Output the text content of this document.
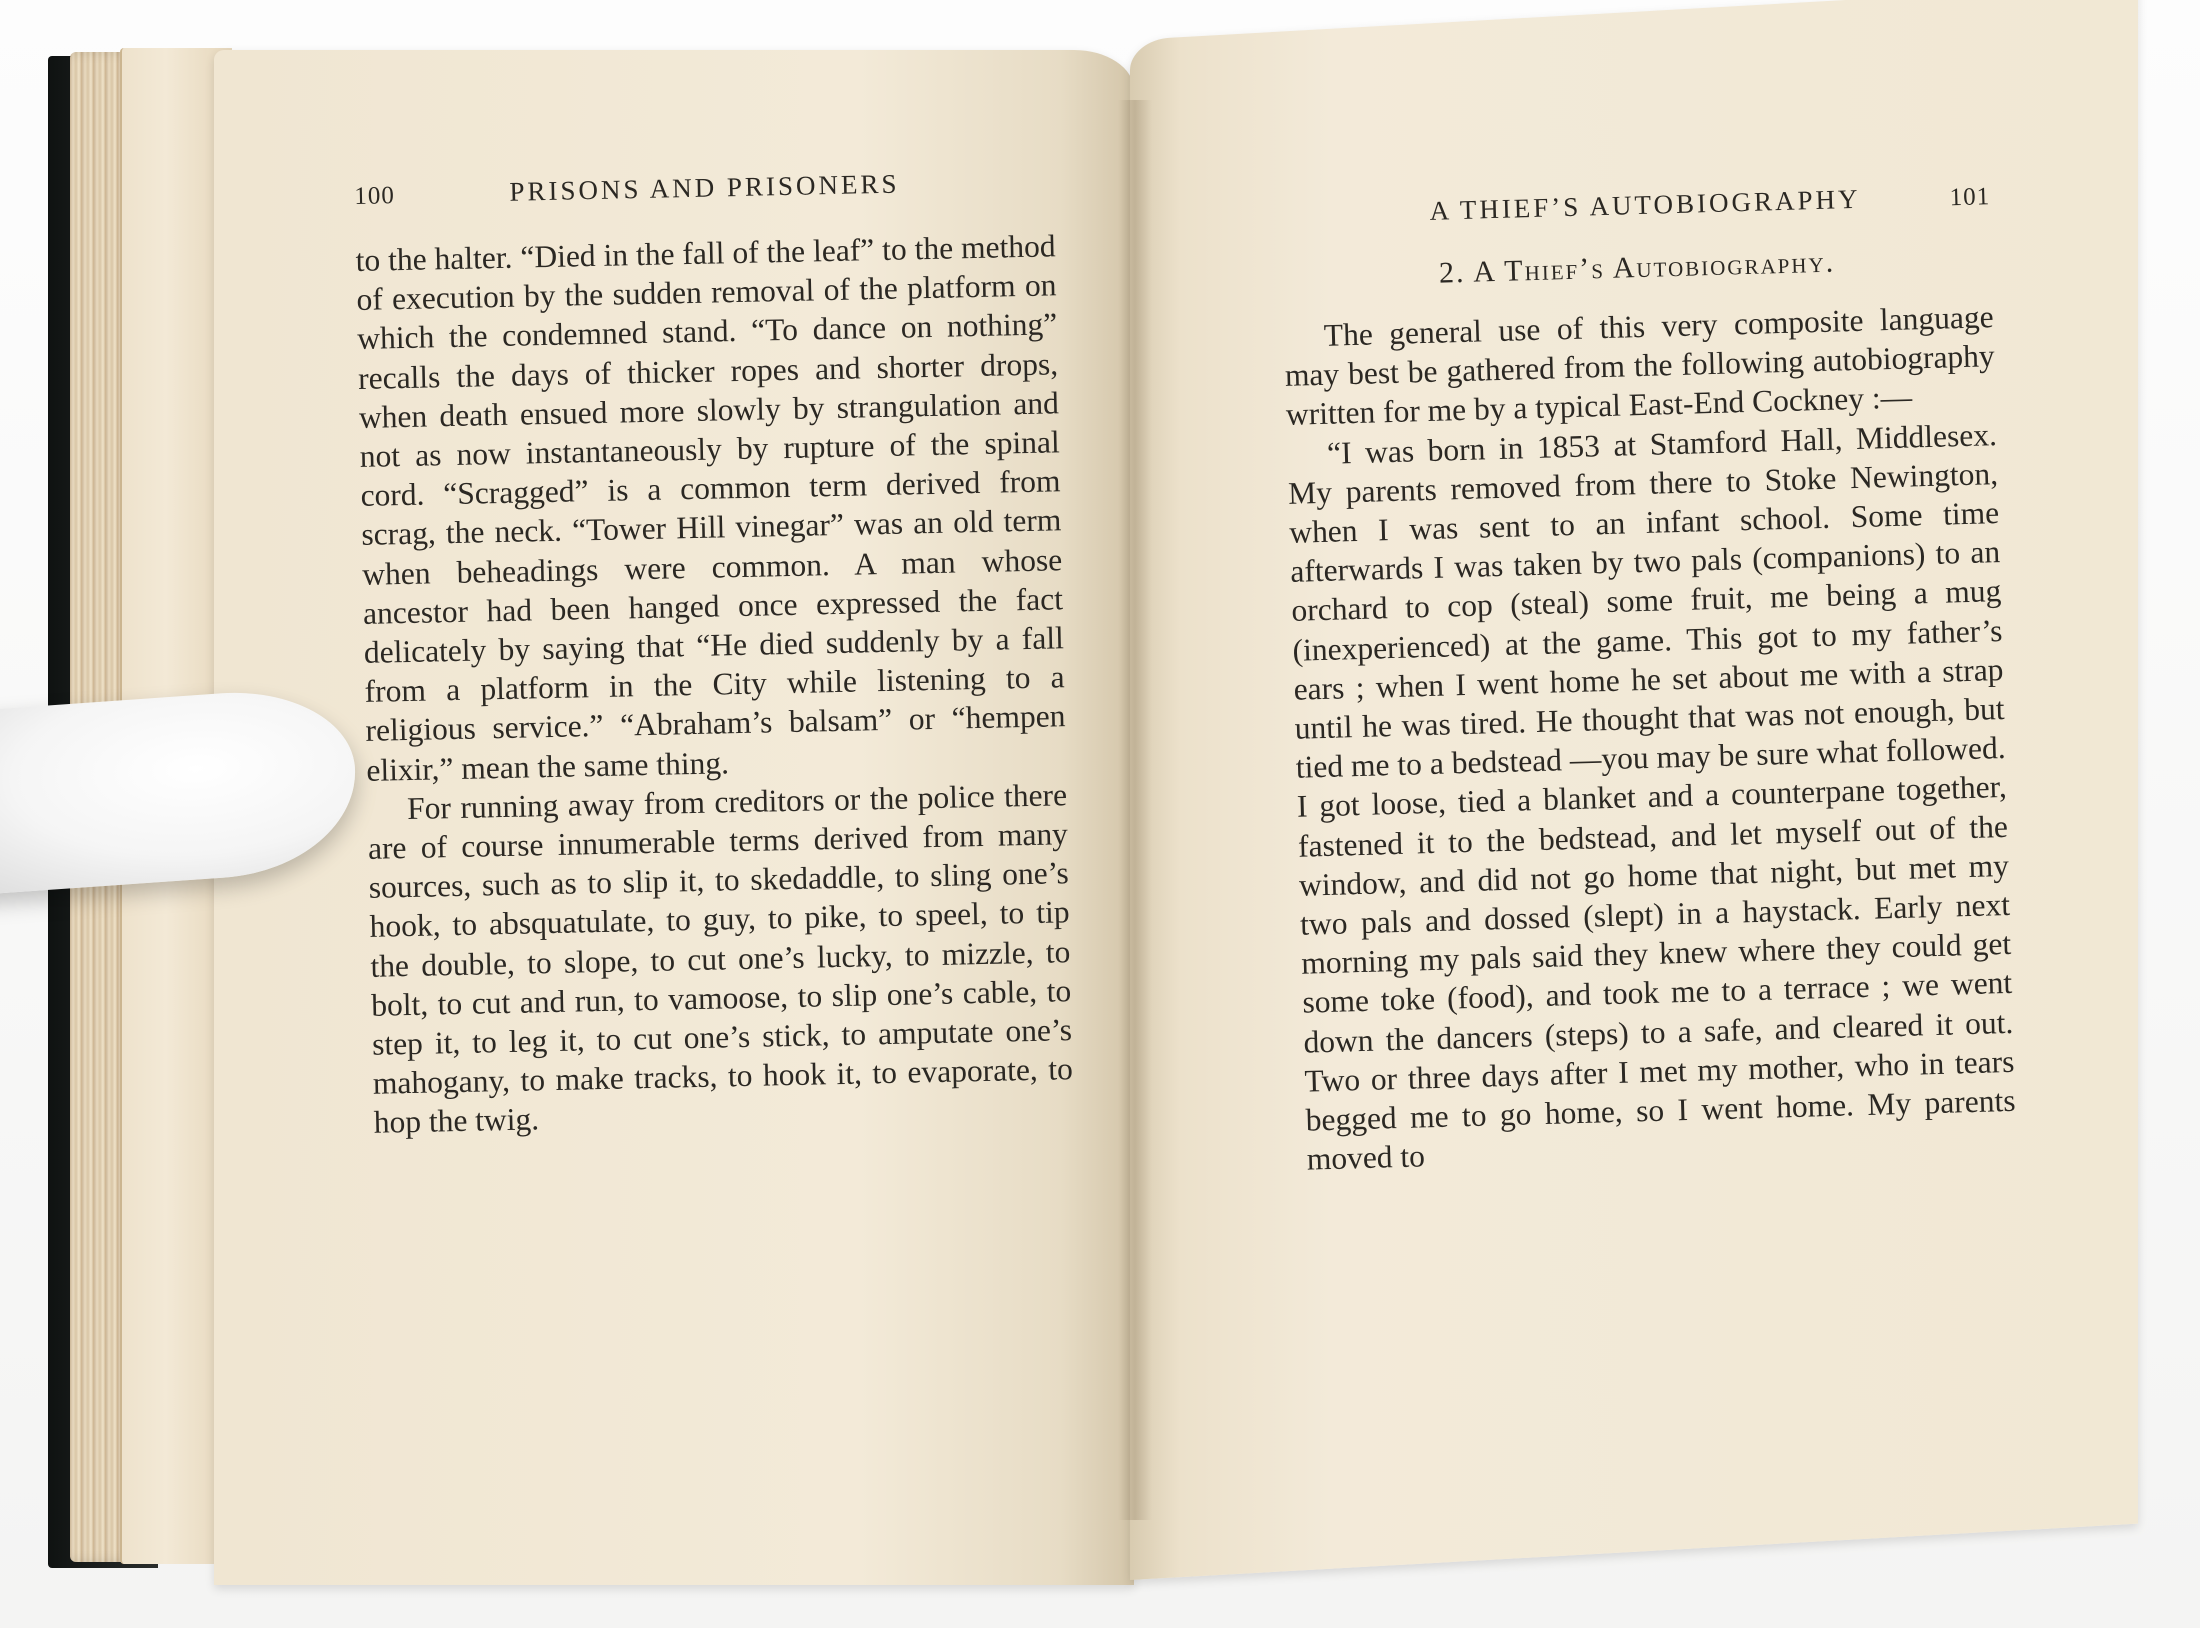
100	PRISONS AND PRISONERS

to the halter. “Died in the fall of the leaf” to the method of execution by the sudden removal of the platform on which the condemned stand. “To dance on nothing” recalls the days of thicker ropes and shorter drops, when death ensued more slowly by strangulation and not as now instantaneously by rupture of the spinal cord. “Scragged” is a common term derived from scrag, the neck. “Tower Hill vinegar” was an old term when beheadings were common. A man whose ancestor had been hanged once expressed the fact delicately by saying that “He died suddenly by a fall from a platform in the City while listening to a religious service.” “Abraham’s balsam” or “hempen elixir,” mean the same thing.

For running away from creditors or the police there are of course innumerable terms derived from many sources, such as to slip it, to skedaddle, to sling one’s hook, to absquatulate, to guy, to pike, to speel, to tip the double, to slope, to cut one’s lucky, to mizzle, to bolt, to cut and run, to vamoose, to slip one’s cable, to step it, to leg it, to cut one’s stick, to amputate one’s mahogany, to make tracks, to hook it, to evaporate, to hop the twig.

A THIEF’S AUTOBIOGRAPHY	101
2. A Thief’s Autobiography.

The general use of this very composite language may best be gathered from the following autobiography written for me by a typical East-End Cockney :—

“I was born in 1853 at Stamford Hall, Middlesex. My parents removed from there to Stoke Newington, when I was sent to an infant school. Some time afterwards I was taken by two pals (companions) to an orchard to cop (steal) some fruit, me being a mug (inexperienced) at the game. This got to my father’s ears ; when I went home he set about me with a strap until he was tired. He thought that was not enough, but tied me to a bedstead —you may be sure what followed. I got loose, tied a blanket and a counterpane together, fastened it to the bedstead, and let myself out of the window, and did not go home that night, but met my two pals and dossed (slept) in a haystack. Early next morning my pals said they knew where they could get some toke (food), and took me to a terrace ; we went down the dancers (steps) to a safe, and cleared it out. Two or three days after I met my mother, who in tears begged me to go home, so I went home. My parents moved to
